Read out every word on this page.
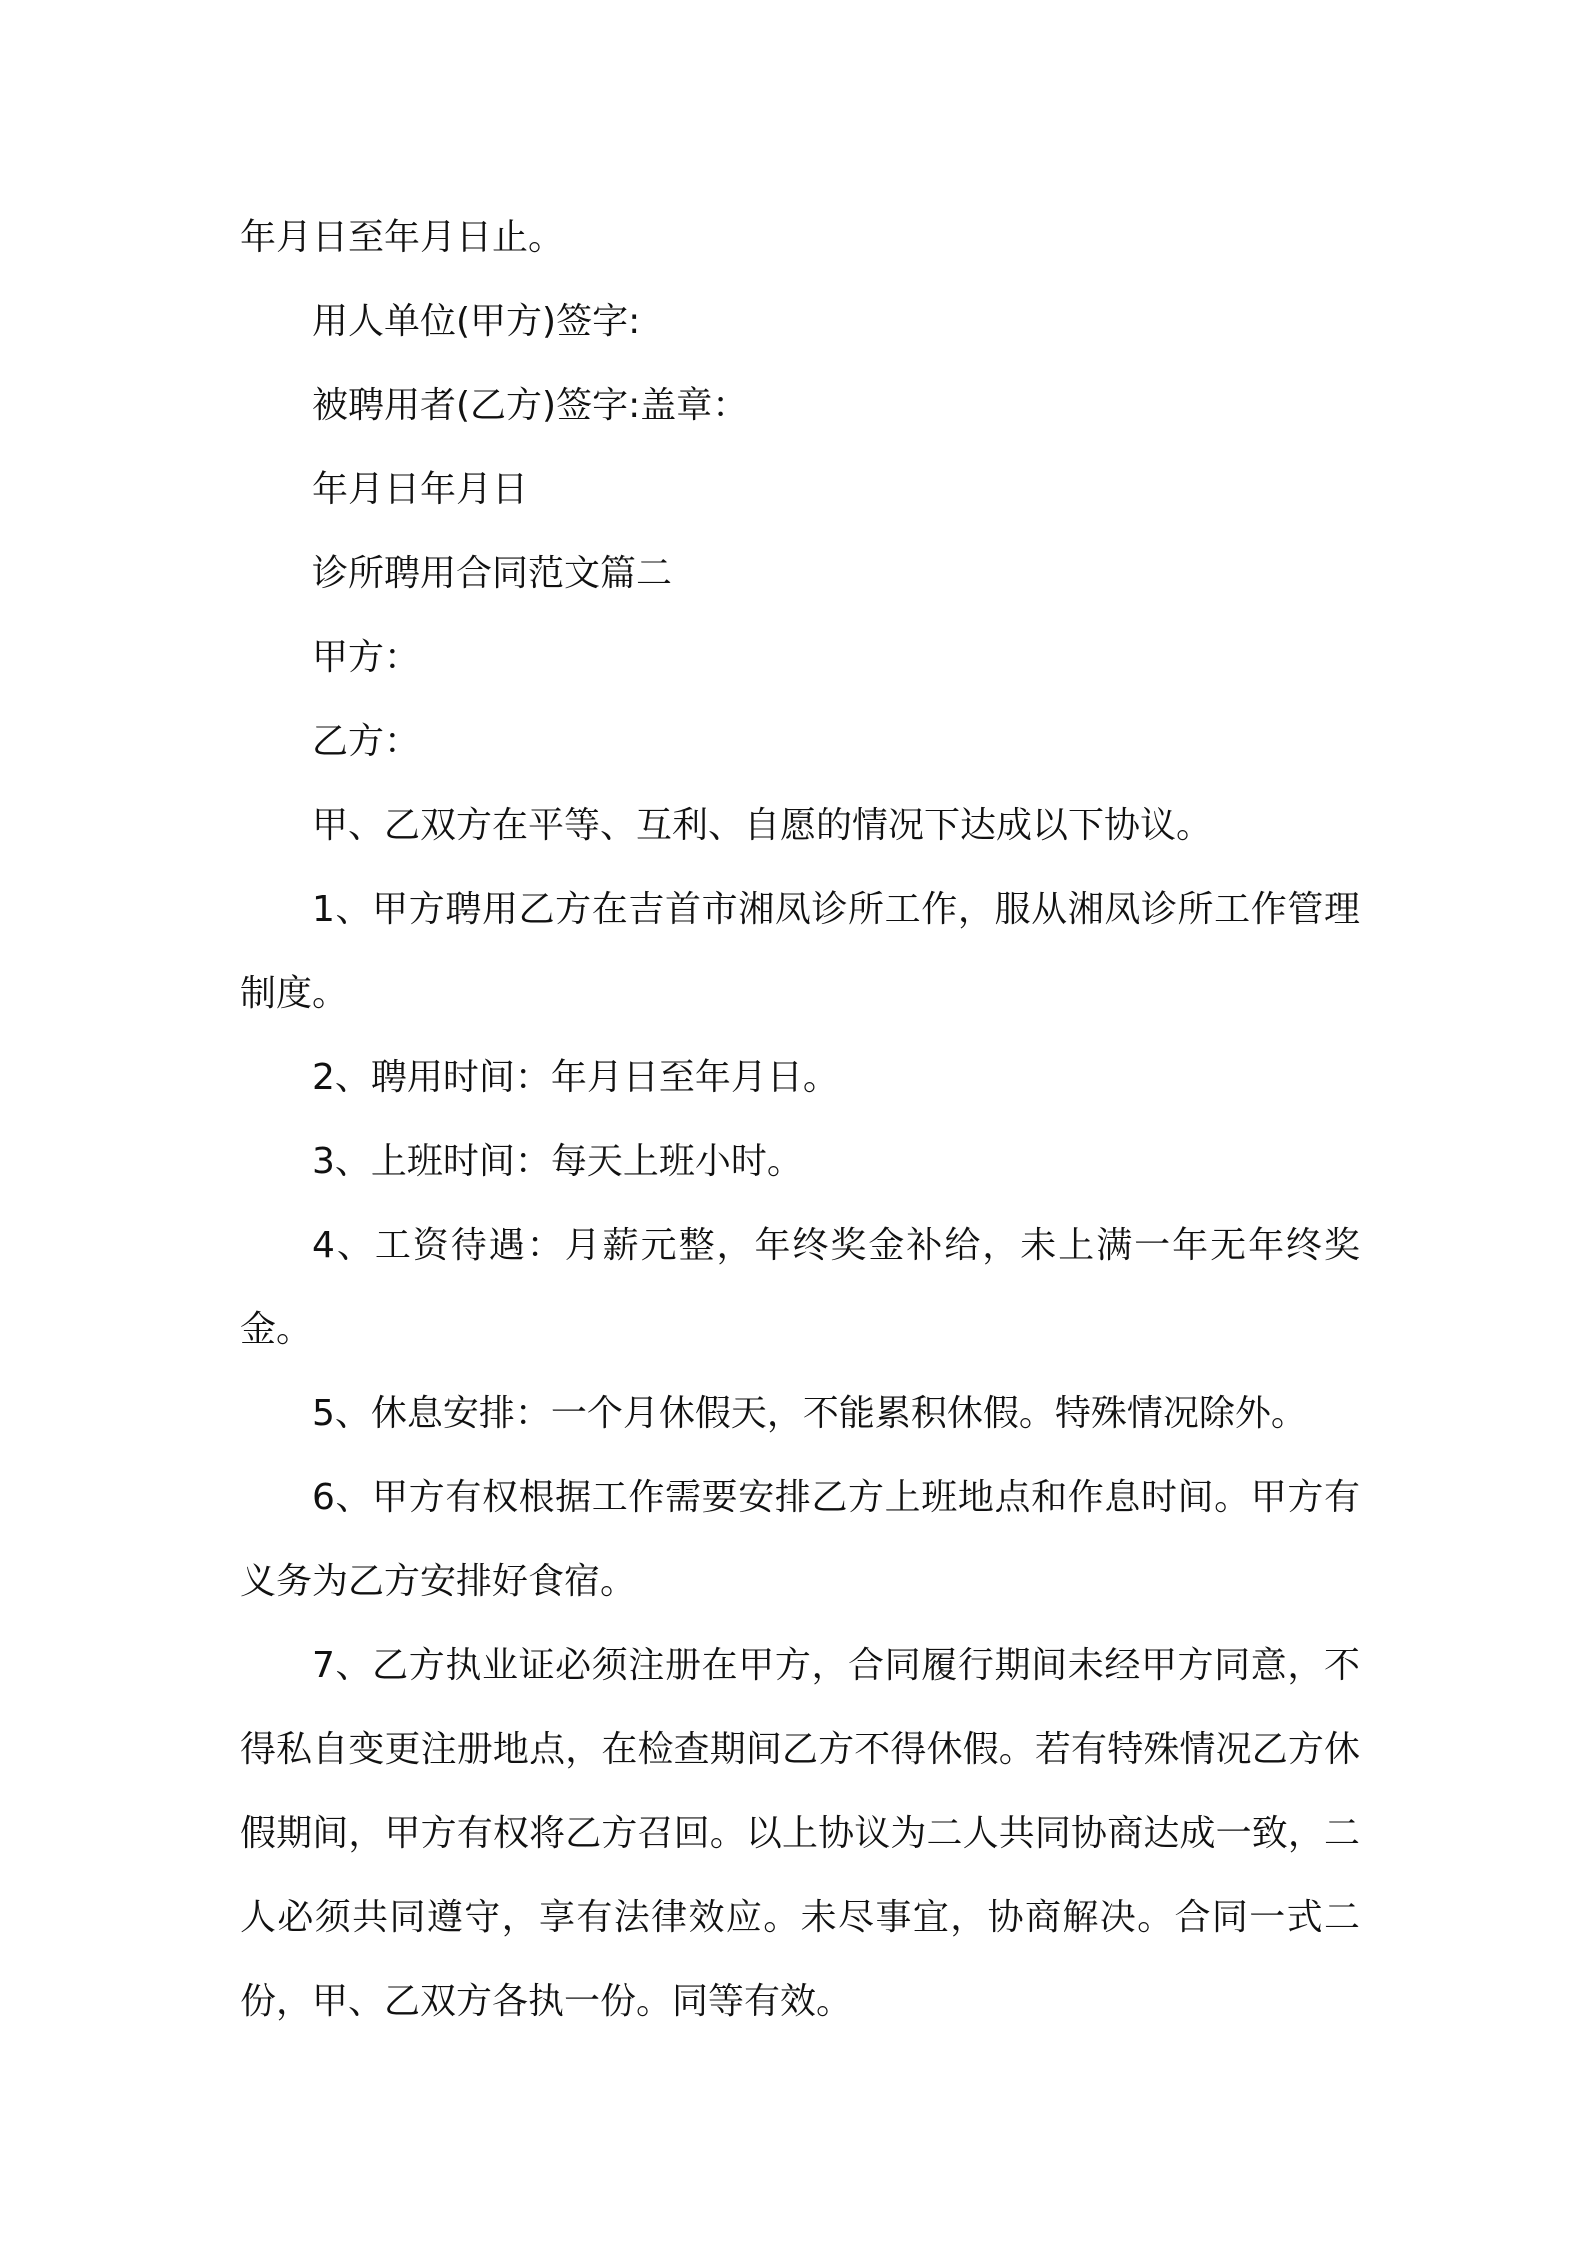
年月日至年月日止。

用人单位(甲方)签字:

被聘用者(乙方)签字:盖章：

年月日年月日

诊所聘用合同范文篇二

甲方：

乙方：

甲、乙双方在平等、互利、自愿的情况下达成以下协议。

1、甲方聘用乙方在吉首市湘凤诊所工作，服从湘凤诊所工作管理制度。

2、聘用时间：年月日至年月日。

3、上班时间：每天上班小时。

4、工资待遇：月薪元整，年终奖金补给，未上满一年无年终奖金。

5、休息安排：一个月休假天，不能累积休假。特殊情况除外。

6、甲方有权根据工作需要安排乙方上班地点和作息时间。甲方有义务为乙方安排好食宿。

7、乙方执业证必须注册在甲方，合同履行期间未经甲方同意，不得私自变更注册地点，在检查期间乙方不得休假。若有特殊情况乙方休假期间，甲方有权将乙方召回。以上协议为二人共同协商达成一致，二人必须共同遵守，享有法律效应。未尽事宜，协商解决。合同一式二份，甲、乙双方各执一份。同等有效。
